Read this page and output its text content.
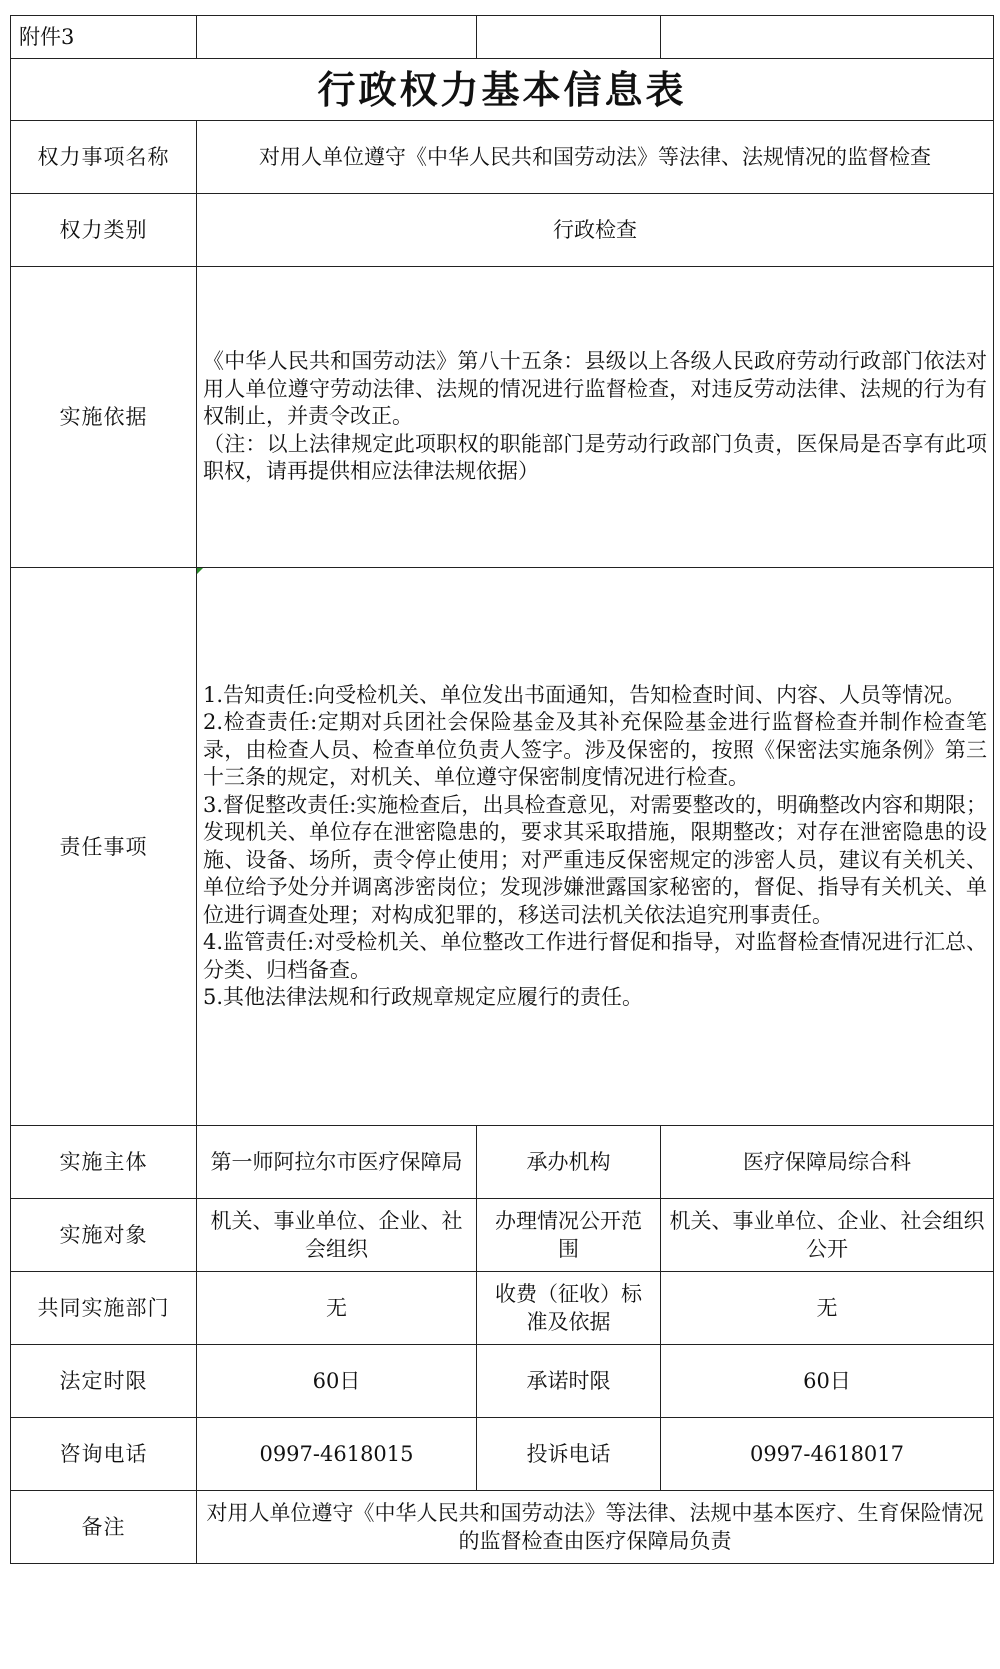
附件3			
行政权力基本信息表			
权力事项名称	对用人单位遵守《中华人民共和国劳动法》等法律、法规情况的监督检查		
权力类别	行政检查		
实施依据	《中华人民共和国劳动法》第八十五条：县级以上各级人民政府劳动行政部门依法对用人单位遵守劳动法律、法规的情况进行监督检查，对违反劳动法律、法规的行为有权制止，并责令改正。

（注：以上法律规定此项职权的职能部门是劳动行政部门负责，医保局是否享有此项职权，请再提供相应法律法规依据）		

责任事项	1.告知责任:向受检机关、单位发出书面通知，告知检查时间、内容、人员等情况。

2.检查责任:定期对兵团社会保险基金及其补充保险基金进行监督检查并制作检查笔录，由检查人员、检查单位负责人签字。涉及保密的，按照《保密法实施条例》第三十三条的规定，对机关、单位遵守保密制度情况进行检查。

3.督促整改责任:实施检查后，出具检查意见，对需要整改的，明确整改内容和期限；发现机关、单位存在泄密隐患的，要求其采取措施，限期整改；对存在泄密隐患的设施、设备、场所，责令停止使用；对严重违反保密规定的涉密人员，建议有关机关、单位给予处分并调离涉密岗位；发现涉嫌泄露国家秘密的，督促、指导有关机关、单位进行调查处理；对构成犯罪的，移送司法机关依法追究刑事责任。

4.监管责任:对受检机关、单位整改工作进行督促和指导，对监督检查情况进行汇总、分类、归档备查。

5.其他法律法规和行政规章规定应履行的责任。		

实施主体	第一师阿拉尔市医疗保障局	承办机构	医疗保障局综合科
实施对象	机关、事业单位、企业、社会组织	办理情况公开范围	机关、事业单位、企业、社会组织公开
共同实施部门	无	收费（征收）标准及依据	无
法定时限	60日	承诺时限	60日
咨询电话	0997-4618015	投诉电话	0997-4618017
备注	对用人单位遵守《中华人民共和国劳动法》等法律、法规中基本医疗、生育保险情况的监督检查由医疗保障局负责		
